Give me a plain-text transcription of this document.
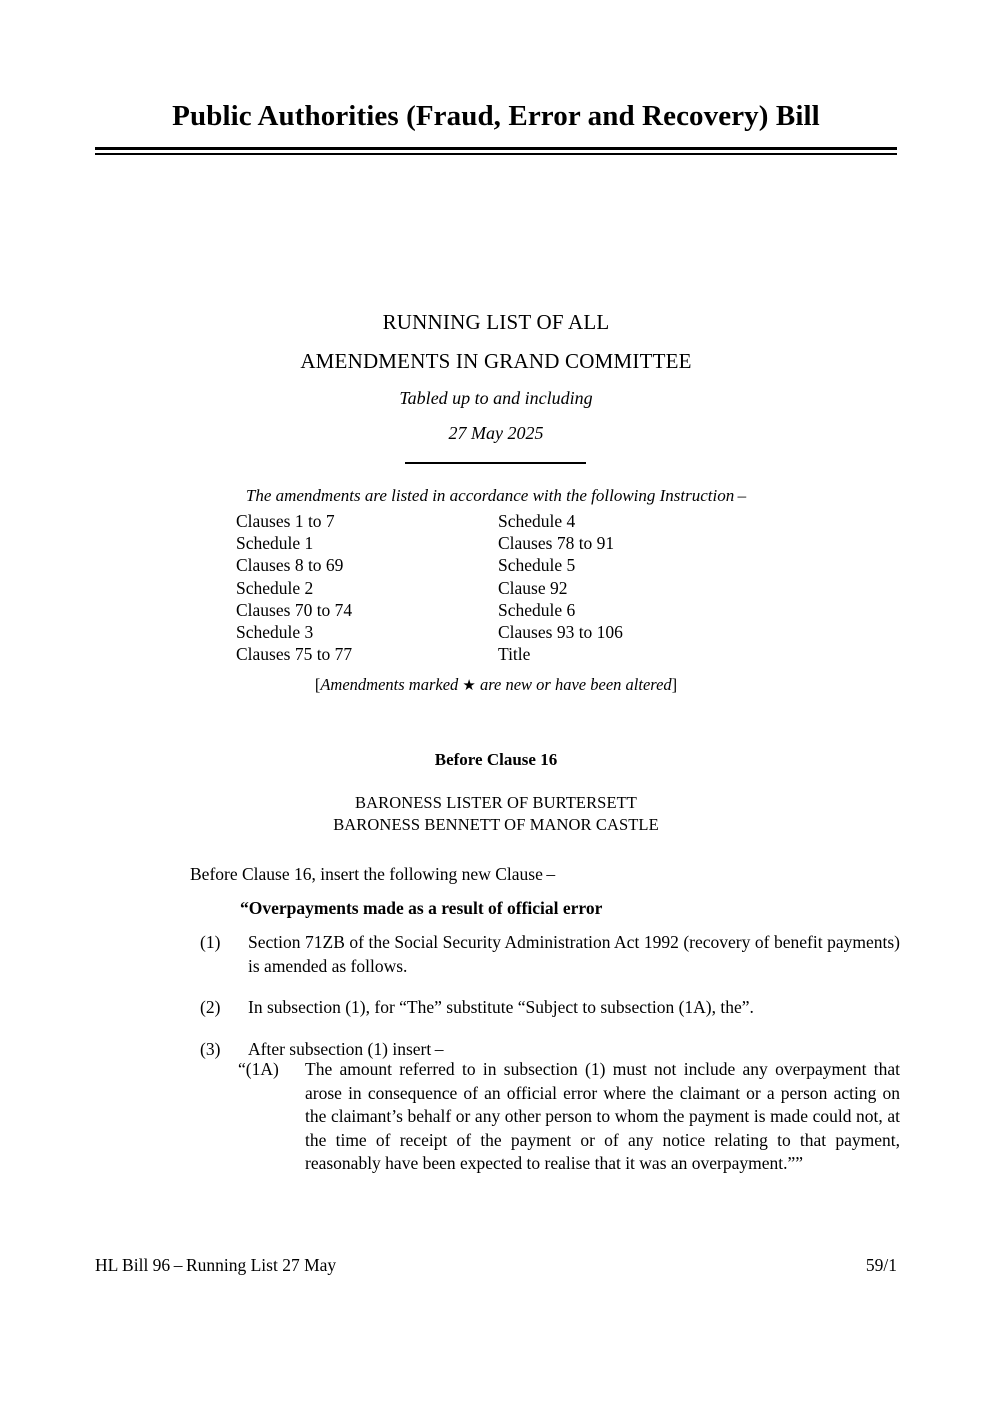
Public Authorities (Fraud, Error and Recovery) Bill
RUNNING LIST OF ALL
AMENDMENTS IN GRAND COMMITTEE
Tabled up to and including
27 May 2025
The amendments are listed in accordance with the following Instruction –
Clauses 1 to 7	Schedule 4
Schedule 1	Clauses 78 to 91
Clauses 8 to 69	Schedule 5
Schedule 2	Clause 92
Clauses 70 to 74	Schedule 6
Schedule 3	Clauses 93 to 106
Clauses 75 to 77	Title
[Amendments marked ★ are new or have been altered]
Before Clause 16
BARONESS LISTER OF BURTERSETT
BARONESS BENNETT OF MANOR CASTLE
Before Clause 16, insert the following new Clause –
“Overpayments made as a result of official error
(1) Section 71ZB of the Social Security Administration Act 1992 (recovery of benefit payments) is amended as follows.
(2) In subsection (1), for “The” substitute “Subject to subsection (1A), the”.
(3) After subsection (1) insert –
“(1A)	The amount referred to in subsection (1) must not include any overpayment that arose in consequence of an official error where the claimant or a person acting on the claimant’s behalf or any other person to whom the payment is made could not, at the time of receipt of the payment or of any notice relating to that payment, reasonably have been expected to realise that it was an overpayment.””
HL Bill 96 – Running List 27 May	59/1
